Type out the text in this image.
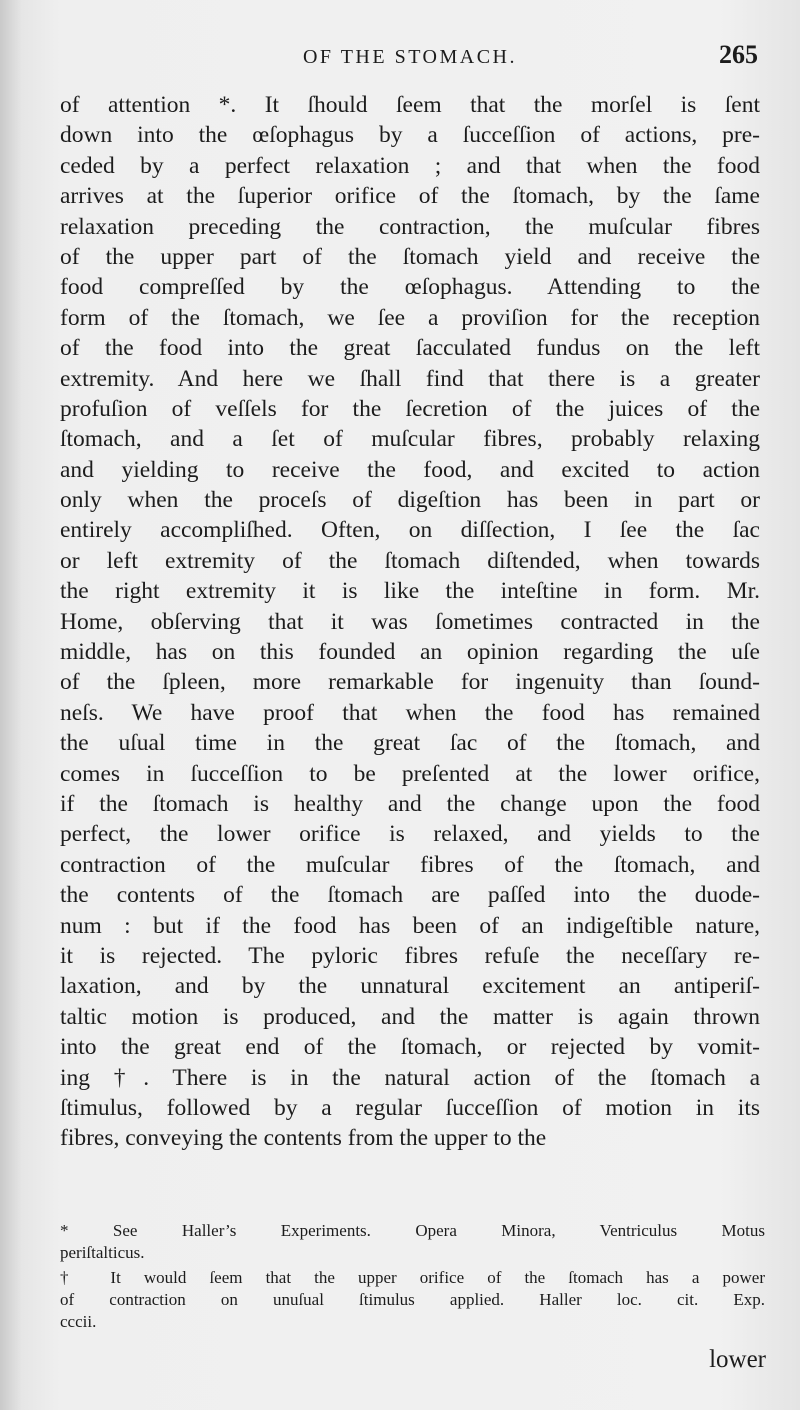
OF THE STOMACH.	265
of attention *. It ſhould ſeem that the morſel is ſent
down into the œſophagus by a ſucceſſion of actions, pre-
ceded by a perfect relaxation ; and that when the food
arrives at the ſuperior orifice of the ſtomach, by the ſame
relaxation preceding the contraction, the muſcular fibres
of the upper part of the ſtomach yield and receive the
food compreſſed by the œſophagus. Attending to the
form of the ſtomach, we ſee a proviſion for the reception
of the food into the great ſacculated fundus on the left
extremity. And here we ſhall find that there is a greater
profuſion of veſſels for the ſecretion of the juices of the
ſtomach, and a ſet of muſcular fibres, probably relaxing
and yielding to receive the food, and excited to action
only when the proceſs of digeſtion has been in part or
entirely accompliſhed. Often, on diſſection, I ſee the ſac
or left extremity of the ſtomach diſtended, when towards
the right extremity it is like the inteſtine in form. Mr.
Home, obſerving that it was ſometimes contracted in the
middle, has on this founded an opinion regarding the uſe
of the ſpleen, more remarkable for ingenuity than ſound-
neſs. We have proof that when the food has remained
the uſual time in the great ſac of the ſtomach, and
comes in ſucceſſion to be preſented at the lower orifice,
if the ſtomach is healthy and the change upon the food
perfect, the lower orifice is relaxed, and yields to the
contraction of the muſcular fibres of the ſtomach, and
the contents of the ſtomach are paſſed into the duode-
num : but if the food has been of an indigeſtible nature,
it is rejected. The pyloric fibres refuſe the neceſſary re-
laxation, and by the unnatural excitement an antiperiſ-
taltic motion is produced, and the matter is again thrown
into the great end of the ſtomach, or rejected by vomit-
ing †. There is in the natural action of the ſtomach a
ſtimulus, followed by a regular ſucceſſion of motion in its
fibres, conveying the contents from the upper to the
* See Haller’s Experiments. Opera Minora, Ventriculus Motus
periſtalticus.
† It would ſeem that the upper orifice of the ſtomach has a power
of contraction on unuſual ſtimulus applied. Haller loc. cit. Exp.
cccii.
lower
